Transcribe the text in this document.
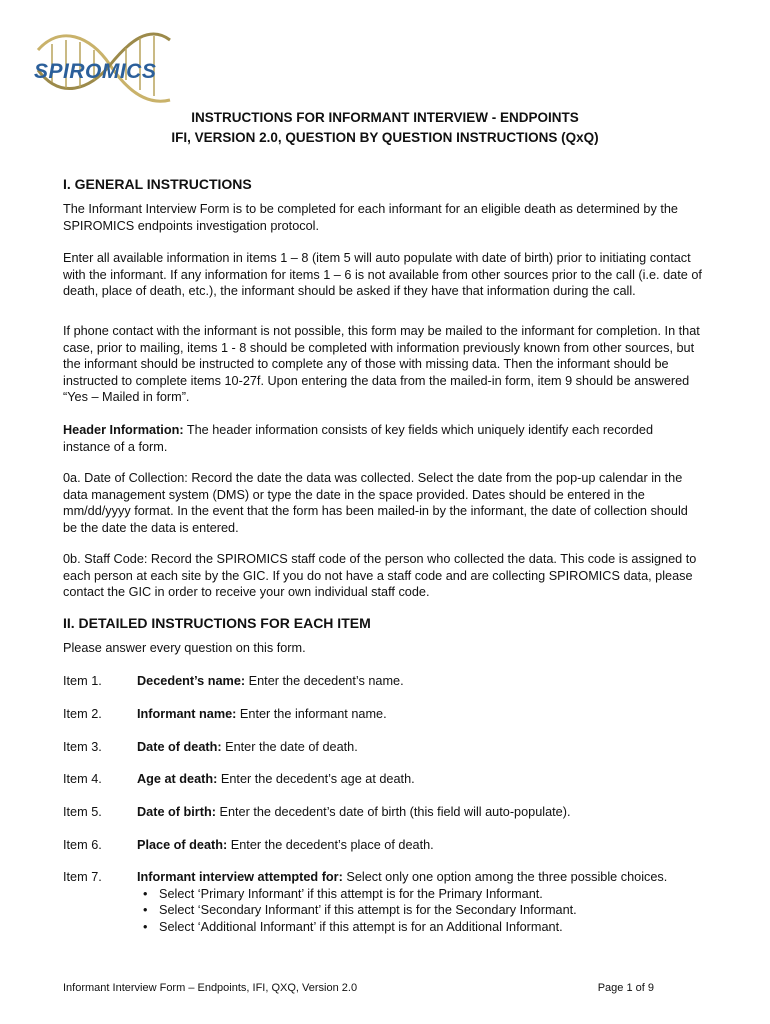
SPIROMICS
INSTRUCTIONS FOR INFORMANT INTERVIEW - ENDPOINTS
IFI, VERSION 2.0, QUESTION BY QUESTION INSTRUCTIONS (QxQ)
I. GENERAL INSTRUCTIONS

The Informant Interview Form is to be completed for each informant for an eligible death as determined by the SPIROMICS endpoints investigation protocol.

Enter all available information in items 1 – 8 (item 5 will auto populate with date of birth) prior to initiating contact with the informant. If any information for items 1 – 6 is not available from other sources prior to the call (i.e. date of death, place of death, etc.), the informant should be asked if they have that information during the call.

If phone contact with the informant is not possible, this form may be mailed to the informant for completion. In that case, prior to mailing, items 1 - 8 should be completed with information previously known from other sources, but the informant should be instructed to complete any of those with missing data. Then the informant should be instructed to complete items 10-27f. Upon entering the data from the mailed-in form, item 9 should be answered “Yes – Mailed in form”.

Header Information: The header information consists of key fields which uniquely identify each recorded instance of a form.

0a. Date of Collection: Record the date the data was collected. Select the date from the pop-up calendar in the data management system (DMS) or type the date in the space provided. Dates should be entered in the mm/dd/yyyy format. In the event that the form has been mailed-in by the informant, the date of collection should be the date the data is entered.

0b. Staff Code: Record the SPIROMICS staff code of the person who collected the data. This code is assigned to each person at each site by the GIC. If you do not have a staff code and are collecting SPIROMICS data, please contact the GIC in order to receive your own individual staff code.

II. DETAILED INSTRUCTIONS FOR EACH ITEM

Please answer every question on this form.

Item 1.	Decedent’s name: Enter the decedent’s name.
Item 2.	Informant name: Enter the informant name.
Item 3.	Date of death: Enter the date of death.
Item 4.	Age at death: Enter the decedent’s age at death.
Item 5.	Date of birth: Enter the decedent’s date of birth (this field will auto-populate).
Item 6.	Place of death: Enter the decedent’s place of death.
Item 7.	Informant interview attempted for: Select only one option among the three possible choices.
• Select ‘Primary Informant’ if this attempt is for the Primary Informant.
• Select ‘Secondary Informant’ if this attempt is for the Secondary Informant.
• Select ‘Additional Informant’ if this attempt is for an Additional Informant.
Informant Interview Form – Endpoints, IFI, QXQ, Version 2.0	Page 1 of 9
